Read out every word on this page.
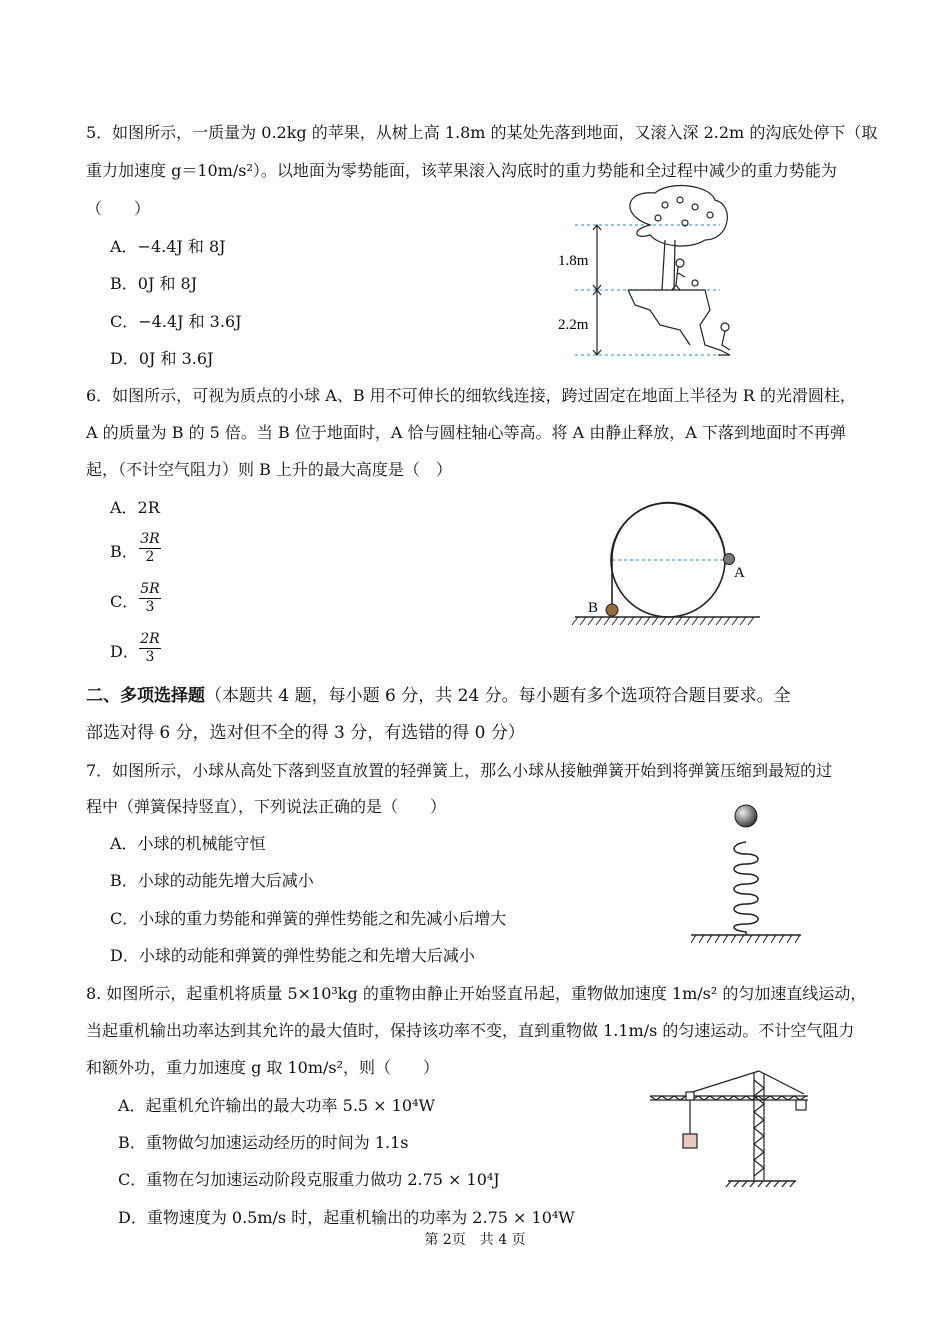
5．如图所示，一质量为 0.2kg 的苹果，从树上高 1.8m 的某处先落到地面，又滚入深 2.2m 的沟底处停下（取
重力加速度 g＝10m/s²）。以地面为零势能面，该苹果滚入沟底时的重力势能和全过程中减少的重力势能为
（　　）
A．−4.4J 和 8J
B．0J 和 8J
C．−4.4J 和 3.6J
D．0J 和 3.6J
1.8m
2.2m
6．如图所示，可视为质点的小球 A、B 用不可伸长的细软线连接，跨过固定在地面上半径为 R 的光滑圆柱，
A 的质量为 B 的 5 倍。当 B 位于地面时，A 恰与圆柱轴心等高。将 A 由静止释放，A 下落到地面时不再弹
起，（不计空气阻力）则 B 上升的最大高度是（　）
A．2R
B． $\frac{3R}{2}$
C． $\frac{5R}{3}$
D． $\frac{2R}{3}$
A
B
二、多项选择题（本题共 4 题，每小题 6 分，共 24 分。每小题有多个选项符合题目要求。全
部选对得 6 分，选对但不全的得 3 分，有选错的得 0 分）
7．如图所示，小球从高处下落到竖直放置的轻弹簧上，那么小球从接触弹簧开始到将弹簧压缩到最短的过
程中（弹簧保持竖直），下列说法正确的是（　　）
A．小球的机械能守恒
B．小球的动能先增大后减小
C．小球的重力势能和弹簧的弹性势能之和先减小后增大
D．小球的动能和弹簧的弹性势能之和先增大后减小
8. 如图所示，起重机将质量 5×10³kg 的重物由静止开始竖直吊起，重物做加速度 1m/s² 的匀加速直线运动，
当起重机输出功率达到其允许的最大值时，保持该功率不变，直到重物做 1.1m/s 的匀速运动。不计空气阻力
和额外功，重力加速度 g 取 10m/s²，则（　　）
A．起重机允许输出的最大功率 5.5 × 10⁴W
B．重物做匀加速运动经历的时间为 1.1s
C．重物在匀加速运动阶段克服重力做功 2.75 × 10⁴J
D．重物速度为 0.5m/s 时，起重机输出的功率为 2.75 × 10⁴W
第 2页　共 4 页
